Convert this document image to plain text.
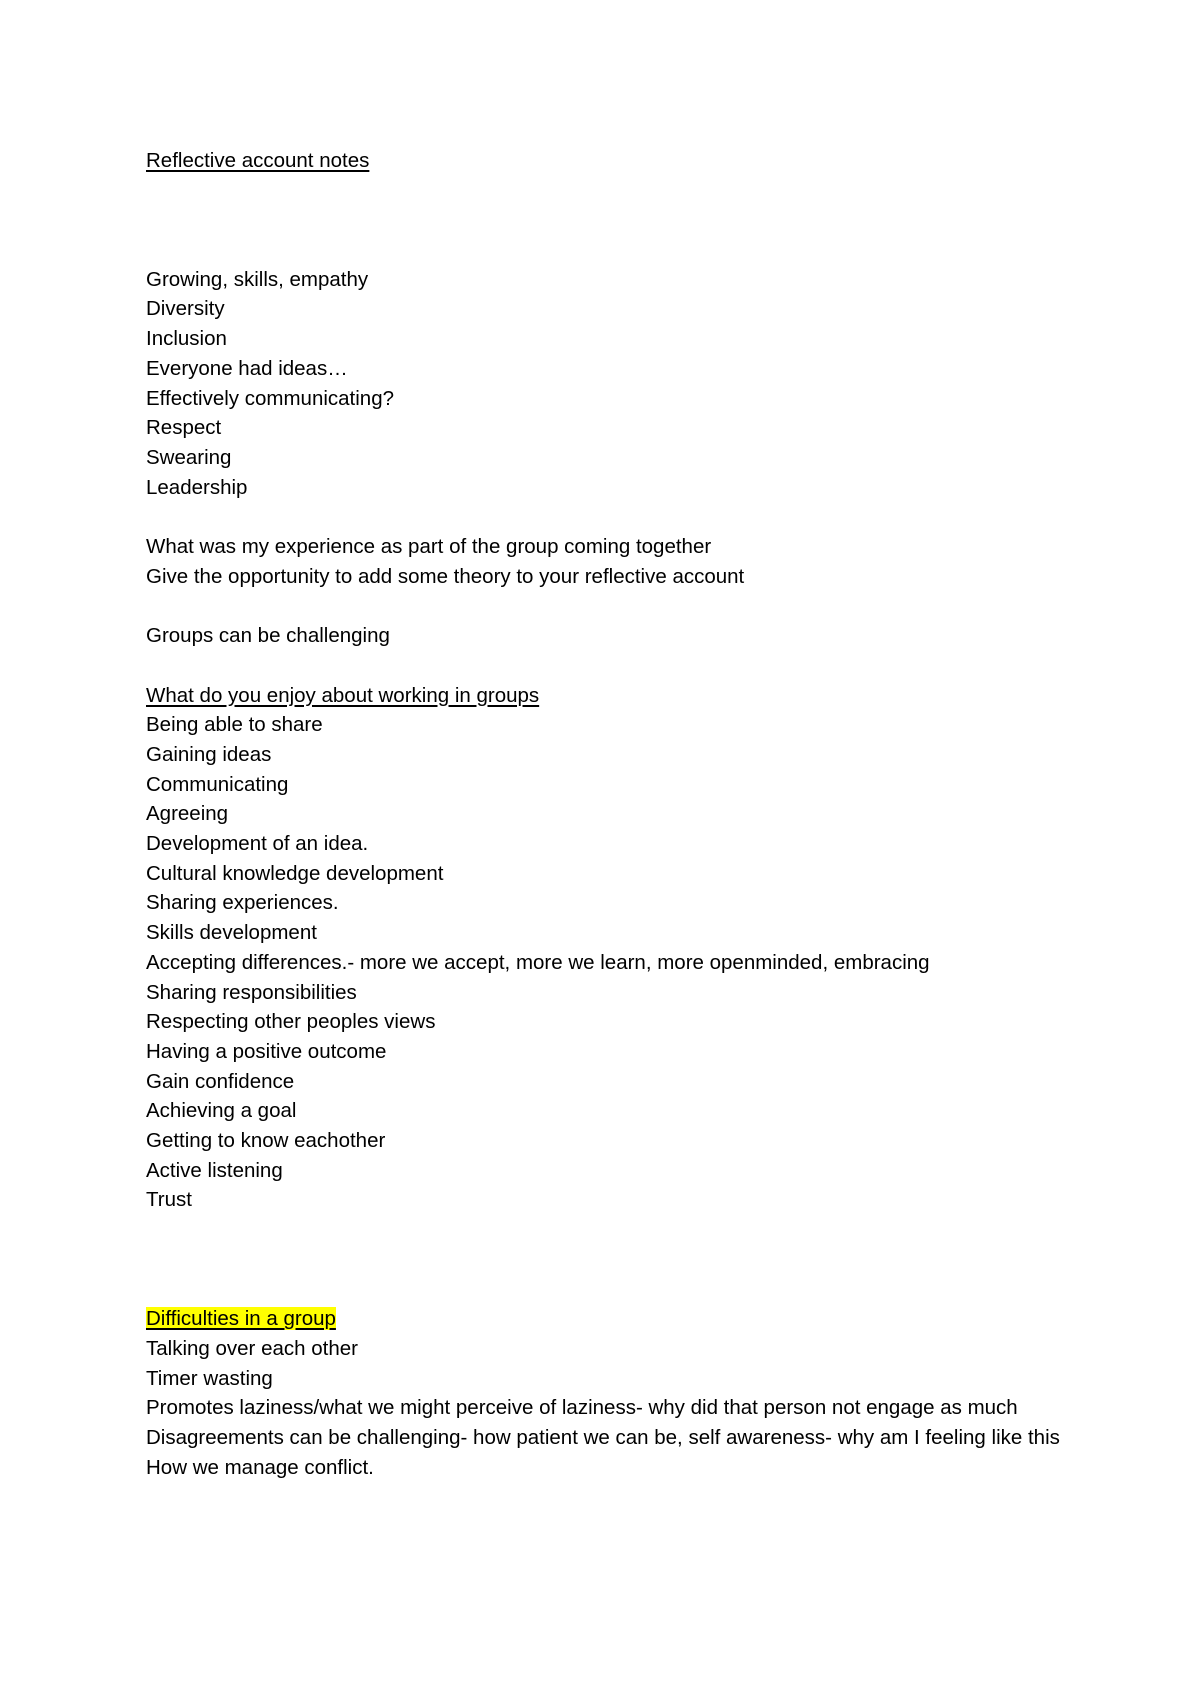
Reflective account notes
Growing, skills, empathy
Diversity
Inclusion
Everyone had ideas…
Effectively communicating?
Respect
Swearing
Leadership
What was my experience as part of the group coming together
Give the opportunity to add some theory to your reflective account
Groups can be challenging
What do you enjoy about working in groups
Being able to share
Gaining ideas
Communicating
Agreeing
Development of an idea.
Cultural knowledge development
Sharing experiences.
Skills development
Accepting differences.- more we accept, more we learn, more openminded, embracing
Sharing responsibilities
Respecting other peoples views
Having a positive outcome
Gain confidence
Achieving a goal
Getting to know eachother
Active listening
Trust
Difficulties in a group
Talking over each other
Timer wasting
Promotes laziness/what we might perceive of laziness- why did that person not engage as much
Disagreements can be challenging- how patient we can be, self awareness- why am I feeling like this
How we manage conflict.
